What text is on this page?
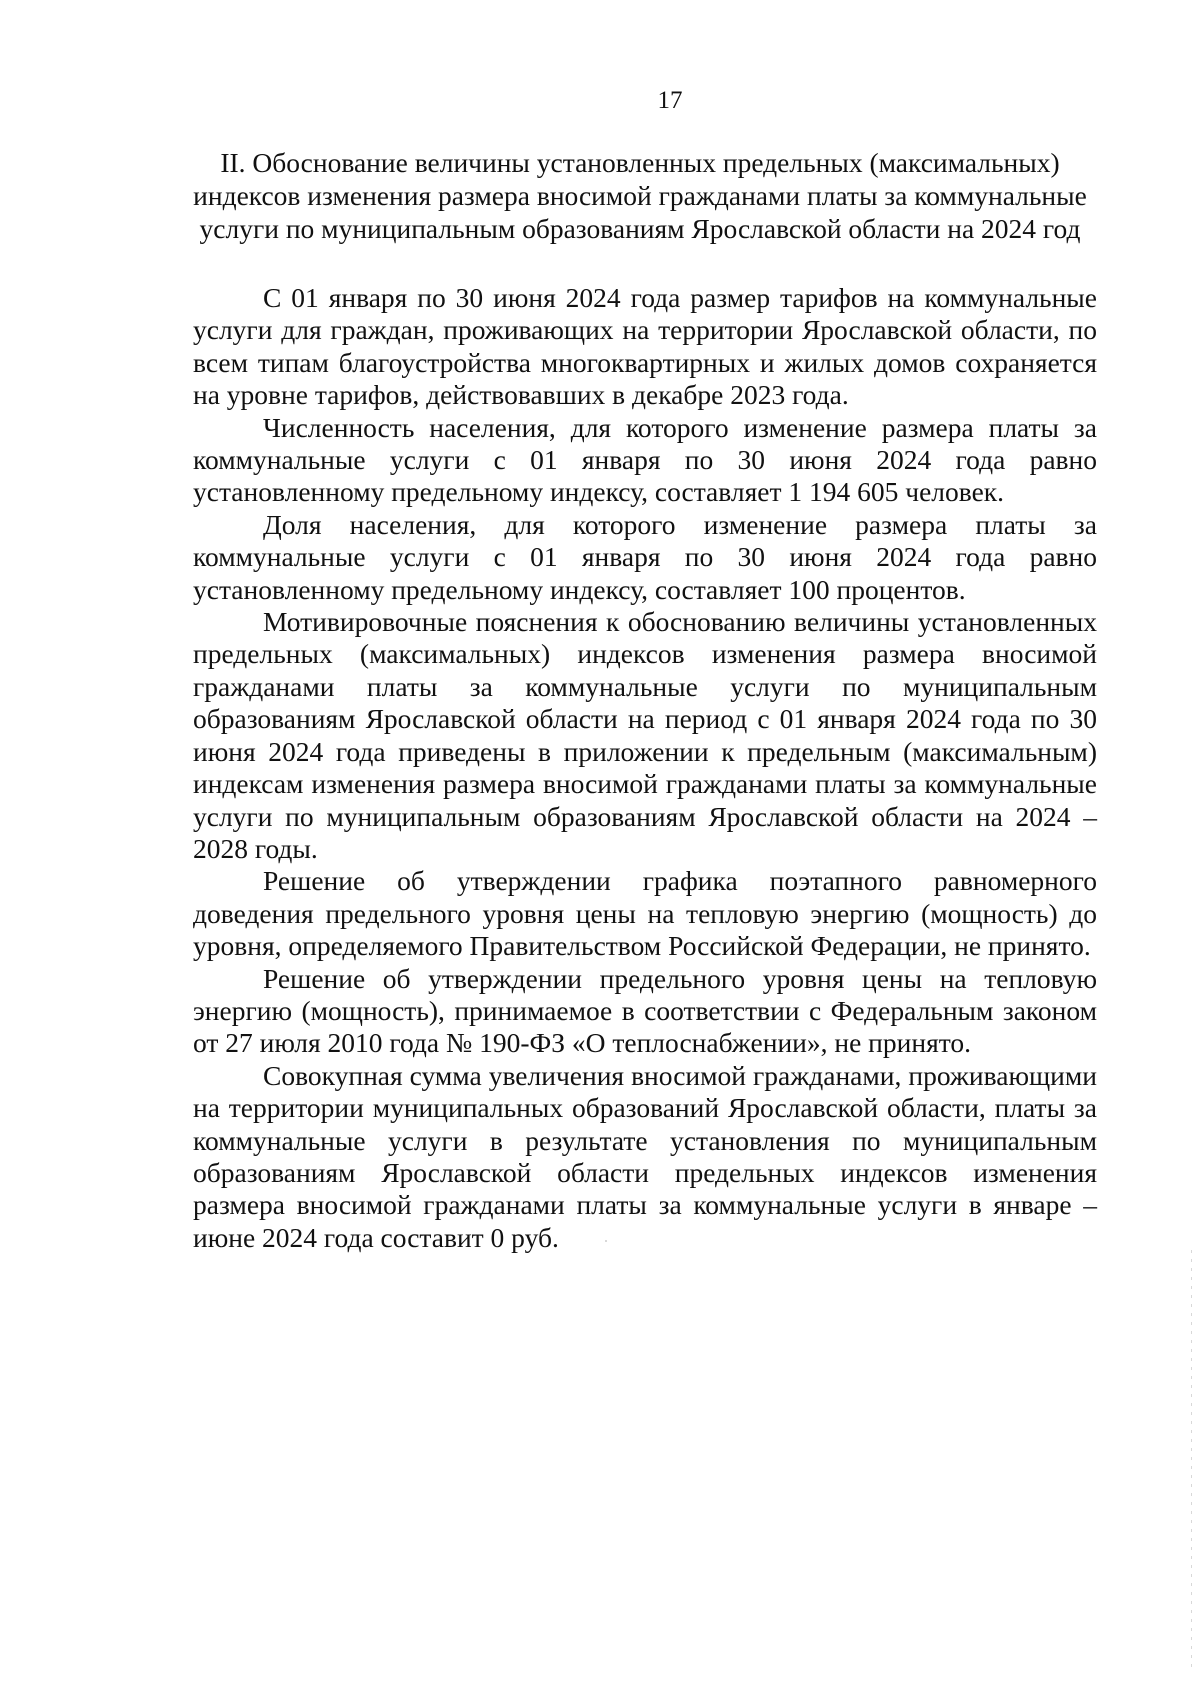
17
II. Обоснование величины установленных предельных (максимальных)
индексов изменения размера вносимой гражданами платы за коммунальные
услуги по муниципальным образованиям Ярославской области на 2024 год

С 01 января по 30 июня 2024 года размер тарифов на коммунальные услуги для граждан, проживающих на территории Ярославской области, по всем типам благоустройства многоквартирных и жилых домов сохраняется на уровне тарифов, действовавших в декабре 2023 года.

Численность населения, для которого изменение размера платы за коммунальные услуги с 01 января по 30 июня 2024 года равно установленному предельному индексу, составляет 1 194 605 человек.

Доля населения, для которого изменение размера платы за коммунальные услуги с 01 января по 30 июня 2024 года равно установленному предельному индексу, составляет 100 процентов.

Мотивировочные пояснения к обоснованию величины установленных предельных (максимальных) индексов изменения размера вносимой гражданами платы за коммунальные услуги по муниципальным образованиям Ярославской области на период с 01 января 2024 года по 30 июня 2024 года приведены в приложении к предельным (максимальным) индексам изменения размера вносимой гражданами платы за коммунальные услуги по муниципальным образованиям Ярославской области на 2024 – 2028 годы.

Решение об утверждении графика поэтапного равномерного доведения предельного уровня цены на тепловую энергию (мощность) до уровня, определяемого Правительством Российской Федерации, не принято.

Решение об утверждении предельного уровня цены на тепловую энергию (мощность), принимаемое в соответствии с Федеральным законом от 27 июля 2010 года № 190-ФЗ «О теплоснабжении», не принято.

Совокупная сумма увеличения вносимой гражданами, проживающими на территории муниципальных образований Ярославской области, платы за коммунальные услуги в результате установления по муниципальным образованиям Ярославской области предельных индексов изменения размера вносимой гражданами платы за коммунальные услуги в январе – июне 2024 года составит 0 руб.
